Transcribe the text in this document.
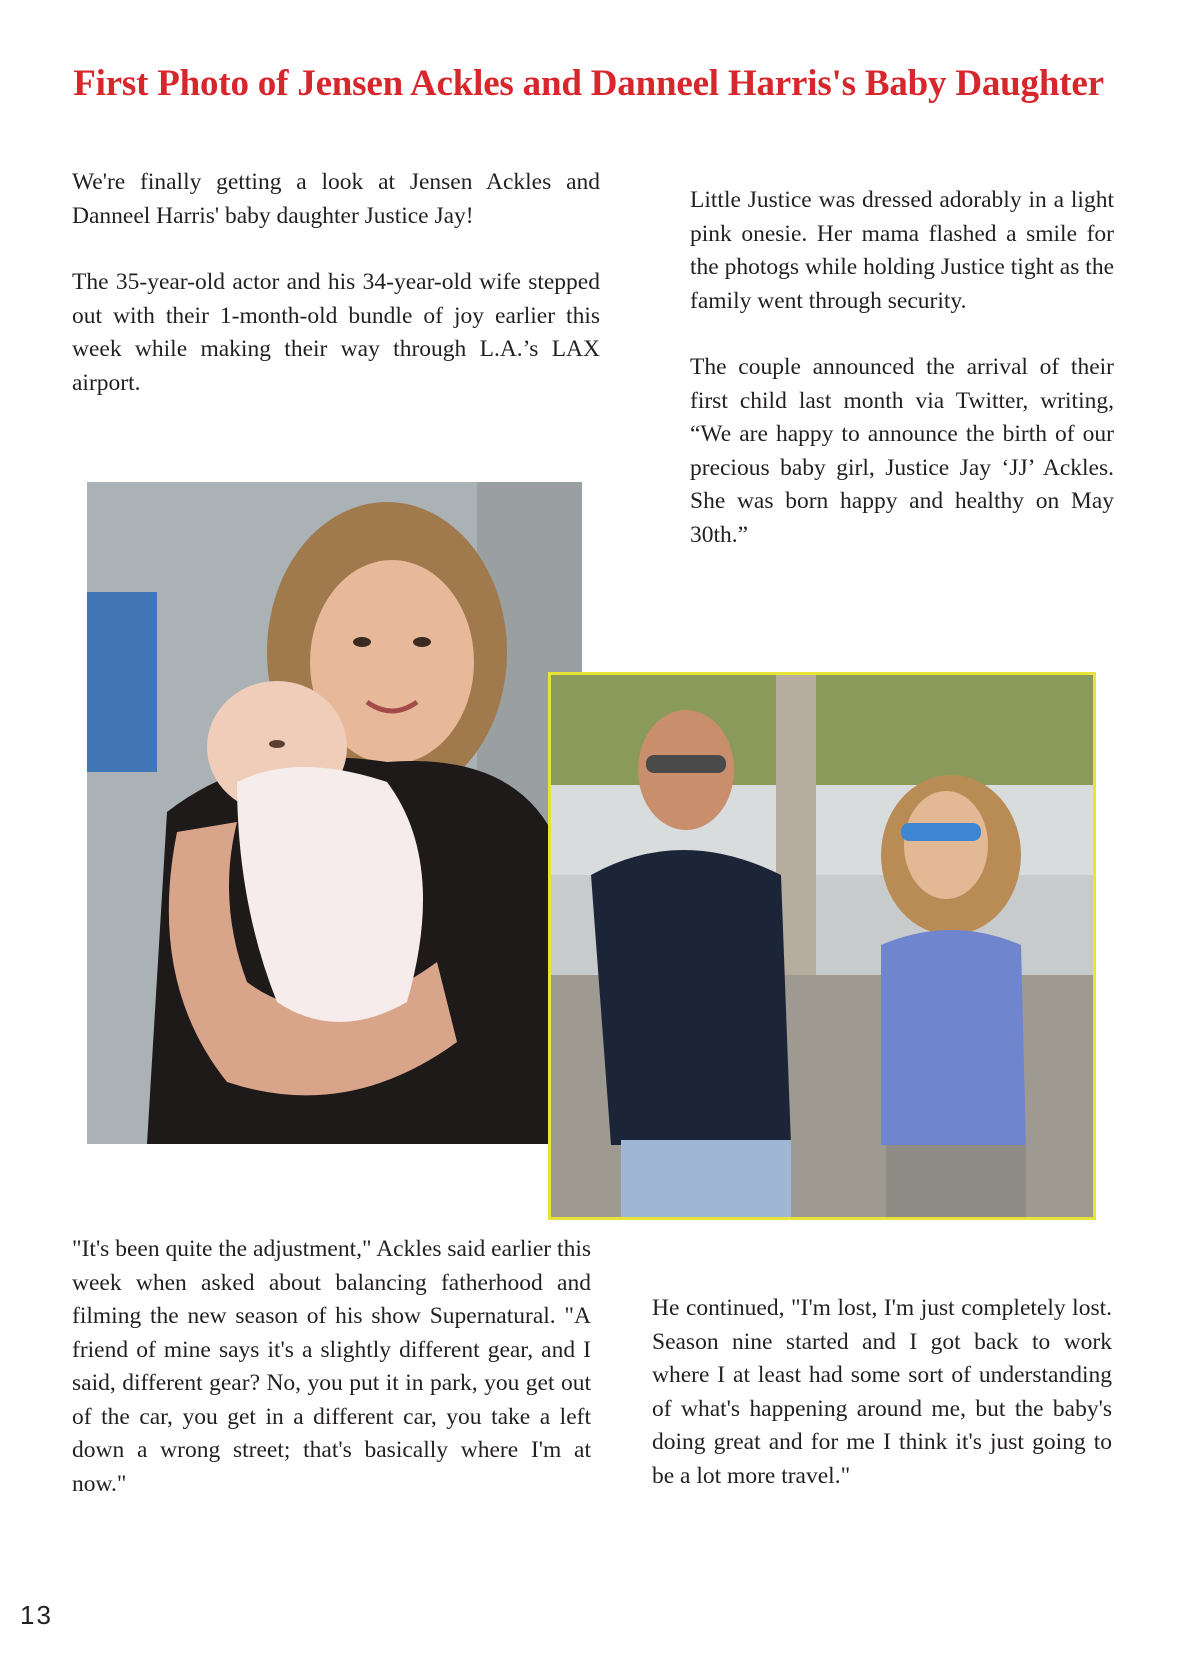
First Photo of Jensen Ackles and Danneel Harris's Baby Daughter

We're finally getting a look at Jensen Ackles and Danneel Harris' baby daughter Justice Jay!

The 35-year-old actor and his 34-year-old wife stepped out with their 1-month-old bundle of joy earlier this week while making their way through L.A.’s LAX airport.

Little Justice was dressed adorably in a light pink onesie. Her mama flashed a smile for the photogs while holding Justice tight as the family went through security.

The couple announced the arrival of their first child last month via Twitter, writing, “We are happy to announce the birth of our precious baby girl, Justice Jay ‘JJ’ Ackles. She was born happy and healthy on May 30th.”

"It's been quite the adjustment," Ackles said earlier this week when asked about balancing fatherhood and filming the new season of his show Supernatural. "A friend of mine says it's a slightly different gear, and I said, different gear? No, you put it in park, you get out of the car, you get in a different car, you take a left down a wrong street; that's basically where I'm at now."

He continued, "I'm lost, I'm just completely lost. Season nine started and I got back to work where I at least had some sort of understanding of what's happening around me, but the baby's doing great and for me I think it's just going to be a lot more travel."

13
